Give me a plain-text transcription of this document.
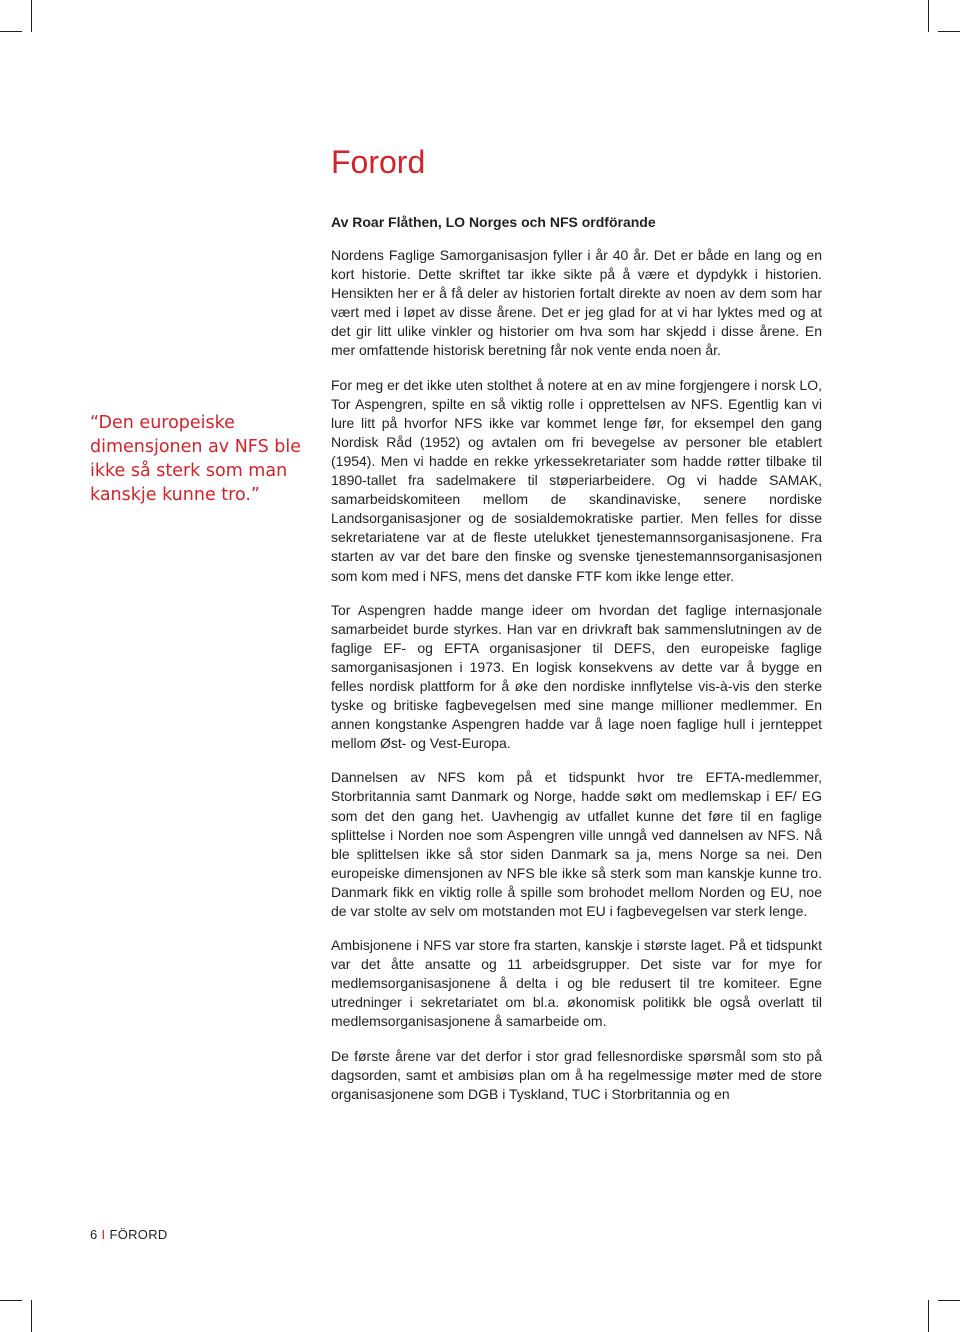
Forord

Av Roar Flåthen, LO Norges och NFS ordförande

Nordens Faglige Samorganisasjon fyller i år 40 år. Det er både en lang og en kort historie. Dette skriftet tar ikke sikte på å være et dypdykk i historien. Hensikten her er å få deler av historien fortalt direkte av noen av dem som har vært med i løpet av disse årene. Det er jeg glad for at vi har lyktes med og at det gir litt ulike vinkler og historier om hva som har skjedd i disse årene. En mer omfattende historisk beretning får nok vente enda noen år.

For meg er det ikke uten stolthet å notere at en av mine forgjengere i norsk LO, Tor Aspengren, spilte en så viktig rolle i opprettelsen av NFS. Egentlig kan vi lure litt på hvorfor NFS ikke var kommet lenge før, for eksempel den gang Nordisk Råd (1952) og avtalen om fri bevegelse av personer ble etablert (1954). Men vi hadde en rekke yrkessekretariater som hadde røtter tilbake til 1890-tallet fra sadelmakere til støperiarbeidere. Og vi hadde SAMAK, samarbeidskomiteen mellom de skandinaviske, senere nordiske Landsorganisasjoner og de sosialdemokratiske partier. Men felles for disse sekretariatene var at de fleste utelukket tjenestemannsorganisasjonene. Fra starten av var det bare den finske og svenske tjenestemannsorganisasjonen som kom med i NFS, mens det danske FTF kom ikke lenge etter.

Tor Aspengren hadde mange ideer om hvordan det faglige internasjonale samarbeidet burde styrkes. Han var en drivkraft bak sammenslutningen av de faglige EF- og EFTA organisasjoner til DEFS, den europeiske faglige samorganisasjonen i 1973. En logisk konsekvens av dette var å bygge en felles nordisk plattform for å øke den nordiske innflytelse vis-à-vis den sterke tyske og britiske fagbevegelsen med sine mange millioner medlemmer. En annen kongstanke Aspengren hadde var å lage noen faglige hull i jernteppet mellom Øst- og Vest-Europa.

Dannelsen av NFS kom på et tidspunkt hvor tre EFTA-medlemmer, Storbritannia samt Danmark og Norge, hadde søkt om medlemskap i EF/ EG som det den gang het. Uavhengig av utfallet kunne det føre til en faglige splittelse i Norden noe som Aspengren ville unngå ved dannelsen av NFS. Nå ble splittelsen ikke så stor siden Danmark sa ja, mens Norge sa nei. Den europeiske dimensjonen av NFS ble ikke så sterk som man kanskje kunne tro. Danmark fikk en viktig rolle å spille som brohodet mellom Norden og EU, noe de var stolte av selv om motstanden mot EU i fagbevegelsen var sterk lenge.

Ambisjonene i NFS var store fra starten, kanskje i største laget. På et tidspunkt var det åtte ansatte og 11 arbeidsgrupper. Det siste var for mye for medlemsorganisasjonene å delta i og ble redusert til tre komiteer. Egne utredninger i sekretariatet om bl.a. økonomisk politikk ble også overlatt til medlemsorganisasjonene å samarbeide om.

De første årene var det derfor i stor grad fellesnordiske spørsmål som sto på dagsorden, samt et ambisiøs plan om å ha regelmessige møter med de store organisasjonene som DGB i Tyskland, TUC i Storbritannia og en

“Den europeiske dimensjonen av NFS ble ikke så sterk som man kanskje kunne tro.”

6 I FÖRORD
